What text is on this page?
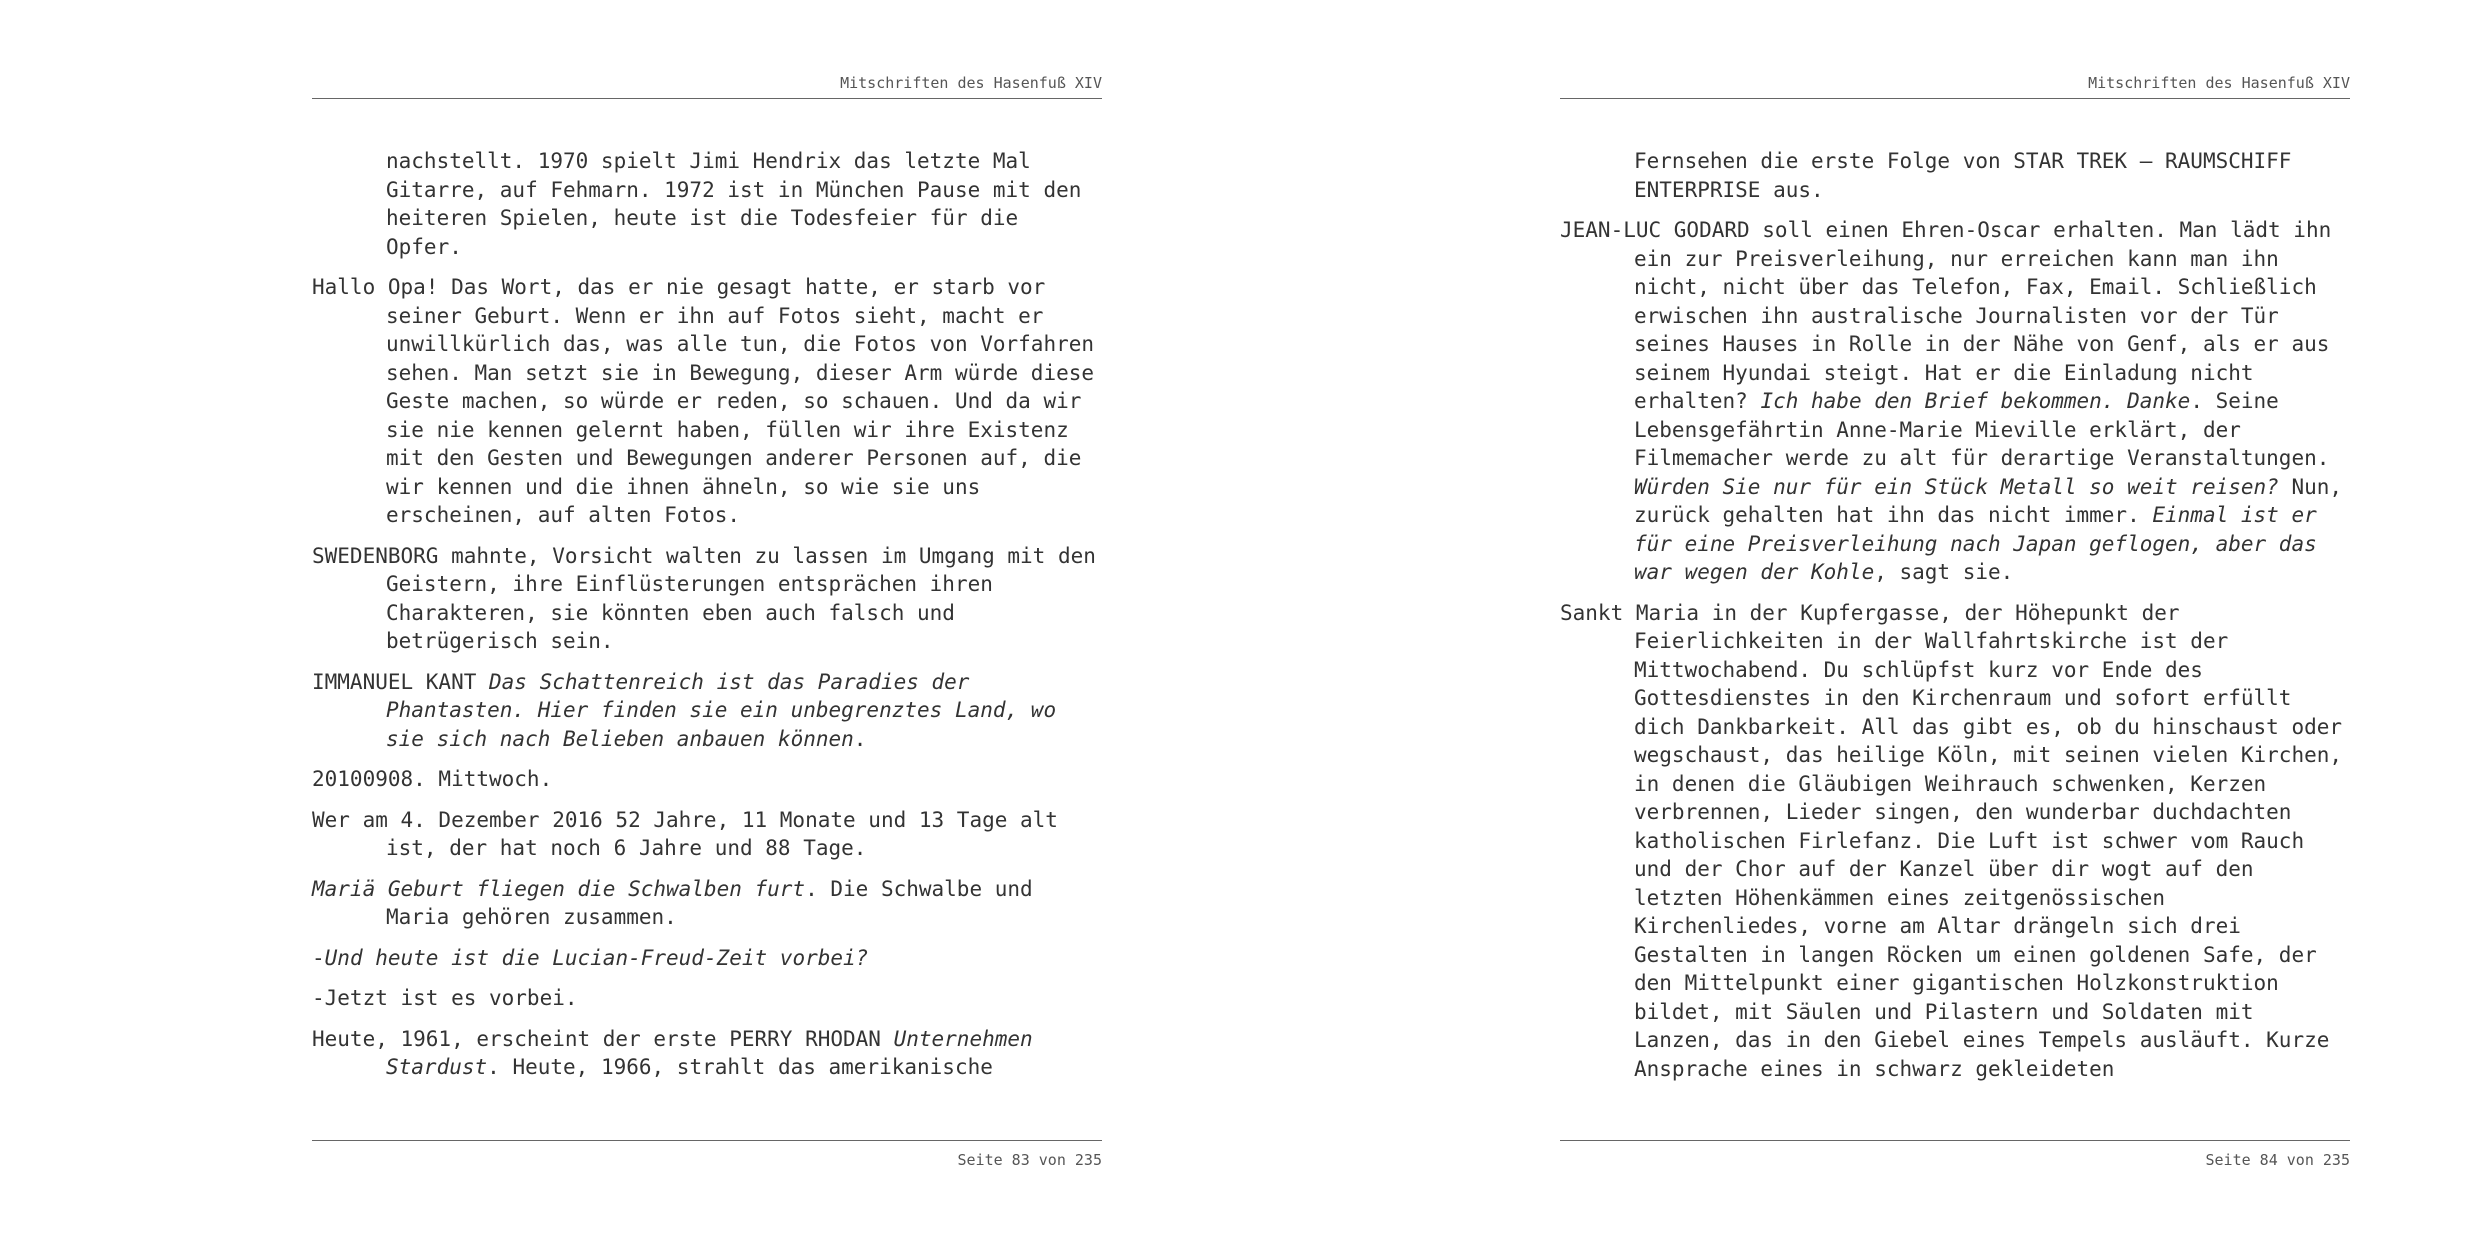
Mitschriften des Hasenfuß XIV

nachstellt. 1970 spielt Jimi Hendrix das letzte Mal Gitarre, auf Fehmarn. 1972 ist in München Pause mit den heiteren Spielen, heute ist die Todesfeier für die Opfer.

Hallo Opa! Das Wort, das er nie gesagt hatte, er starb vor seiner Geburt. Wenn er ihn auf Fotos sieht, macht er unwillkürlich das, was alle tun, die Fotos von Vorfahren sehen. Man setzt sie in Bewegung, dieser Arm würde diese Geste machen, so würde er reden, so schauen. Und da wir sie nie kennen gelernt haben, füllen wir ihre Existenz mit den Gesten und Bewegungen anderer Personen auf, die wir kennen und die ihnen ähneln, so wie sie uns erscheinen, auf alten Fotos.

SWEDENBORG mahnte, Vorsicht walten zu lassen im Umgang mit den Geistern, ihre Einflüsterungen entsprächen ihren Charakteren, sie könnten eben auch falsch und betrügerisch sein.

IMMANUEL KANT Das Schattenreich ist das Paradies der Phantasten. Hier finden sie ein unbegrenztes Land, wo sie sich nach Belieben anbauen können.

20100908. Mittwoch.

Wer am 4. Dezember 2016 52 Jahre, 11 Monate und 13 Tage alt ist, der hat noch 6 Jahre und 88 Tage.

Mariä Geburt fliegen die Schwalben furt. Die Schwalbe und Maria gehören zusammen.

-Und heute ist die Lucian-Freud-Zeit vorbei?

-Jetzt ist es vorbei.

Heute, 1961, erscheint der erste PERRY RHODAN Unternehmen Stardust. Heute, 1966, strahlt das amerikanische

Seite 83 von 235
Mitschriften des Hasenfuß XIV

Fernsehen die erste Folge von STAR TREK – RAUMSCHIFF ENTERPRISE aus.

JEAN-LUC GODARD soll einen Ehren-Oscar erhalten. Man lädt ihn ein zur Preisverleihung, nur erreichen kann man ihn nicht, nicht über das Telefon, Fax, Email. Schließlich erwischen ihn australische Journalisten vor der Tür seines Hauses in Rolle in der Nähe von Genf, als er aus seinem Hyundai steigt. Hat er die Einladung nicht erhalten? Ich habe den Brief bekommen. Danke. Seine Lebensgefährtin Anne-Marie Mieville erklärt, der Filmemacher werde zu alt für derartige Veranstaltungen. Würden Sie nur für ein Stück Metall so weit reisen? Nun, zurück gehalten hat ihn das nicht immer. Einmal ist er für eine Preisverleihung nach Japan geflogen, aber das war wegen der Kohle, sagt sie.

Sankt Maria in der Kupfergasse, der Höhepunkt der Feierlichkeiten in der Wallfahrtskirche ist der Mittwochabend. Du schlüpfst kurz vor Ende des Gottesdienstes in den Kirchenraum und sofort erfüllt dich Dankbarkeit. All das gibt es, ob du hinschaust oder wegschaust, das heilige Köln, mit seinen vielen Kirchen, in denen die Gläubigen Weihrauch schwenken, Kerzen verbrennen, Lieder singen, den wunderbar duchdachten katholischen Firlefanz. Die Luft ist schwer vom Rauch und der Chor auf der Kanzel über dir wogt auf den letzten Höhenkämmen eines zeitgenössischen Kirchenliedes, vorne am Altar drängeln sich drei Gestalten in langen Röcken um einen goldenen Safe, der den Mittelpunkt einer gigantischen Holzkonstruktion bildet, mit Säulen und Pilastern und Soldaten mit Lanzen, das in den Giebel eines Tempels ausläuft. Kurze Ansprache eines in schwarz gekleideten

Seite 84 von 235
